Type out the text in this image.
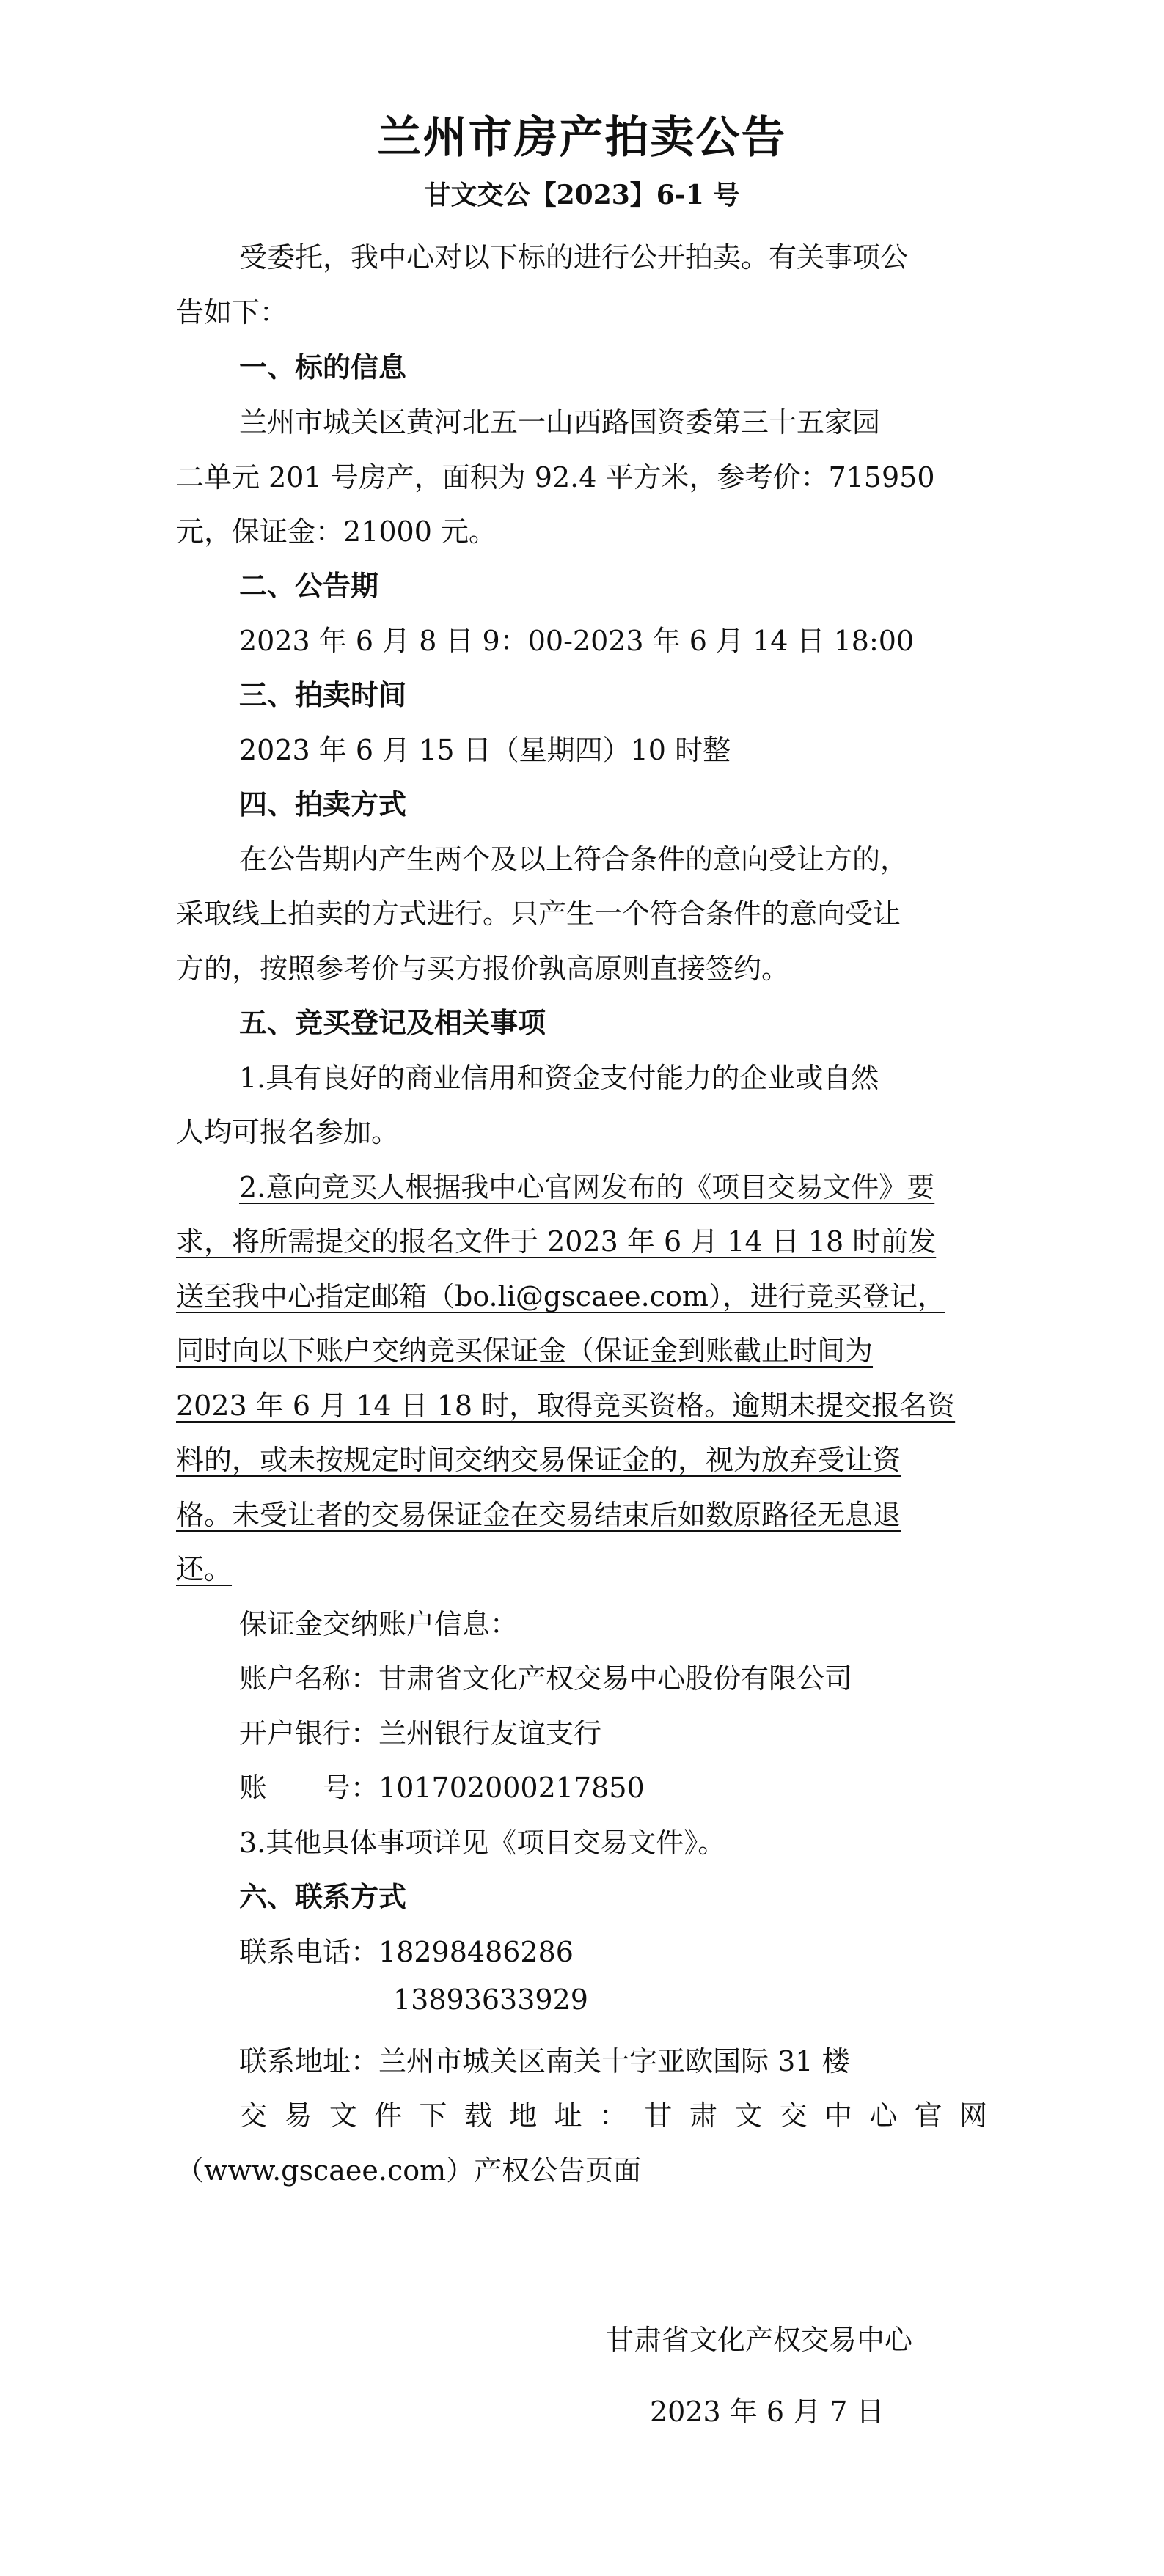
兰州市房产拍卖公告
甘文交公【2023】6-1 号
受委托，我中心对以下标的进行公开拍卖。有关事项公
告如下：
一、标的信息
兰州市城关区黄河北五一山西路国资委第三十五家园
二单元 201 号房产，面积为 92.4 平方米，参考价：715950
元，保证金：21000 元。
二、公告期
2023 年 6 月 8 日 9：00-2023 年 6 月 14 日 18:00
三、拍卖时间
2023 年 6 月 15 日（星期四）10 时整
四、拍卖方式
在公告期内产生两个及以上符合条件的意向受让方的，
采取线上拍卖的方式进行。只产生一个符合条件的意向受让
方的，按照参考价与买方报价孰高原则直接签约。
五、竞买登记及相关事项
1.具有良好的商业信用和资金支付能力的企业或自然
人均可报名参加。
2.意向竞买人根据我中心官网发布的《项目交易文件》要
求，将所需提交的报名文件于 2023 年 6 月 14 日 18 时前发
送至我中心指定邮箱（bo.li@gscaee.com），进行竞买登记，
同时向以下账户交纳竞买保证金（保证金到账截止时间为
2023 年 6 月 14 日 18 时，取得竞买资格。逾期未提交报名资
料的，或未按规定时间交纳交易保证金的，视为放弃受让资
格。未受让者的交易保证金在交易结束后如数原路径无息退
还。
保证金交纳账户信息：
账户名称：甘肃省文化产权交易中心股份有限公司
开户银行：兰州银行友谊支行
账　　号：101702000217850
3.其他具体事项详见《项目交易文件》。
六、联系方式
联系电话：18298486286
13893633929
联系地址：兰州市城关区南关十字亚欧国际 31 楼
交易文件下载地址：甘肃文交中心官网
（www.gscaee.com）产权公告页面
甘肃省文化产权交易中心
2023 年 6 月 7 日
